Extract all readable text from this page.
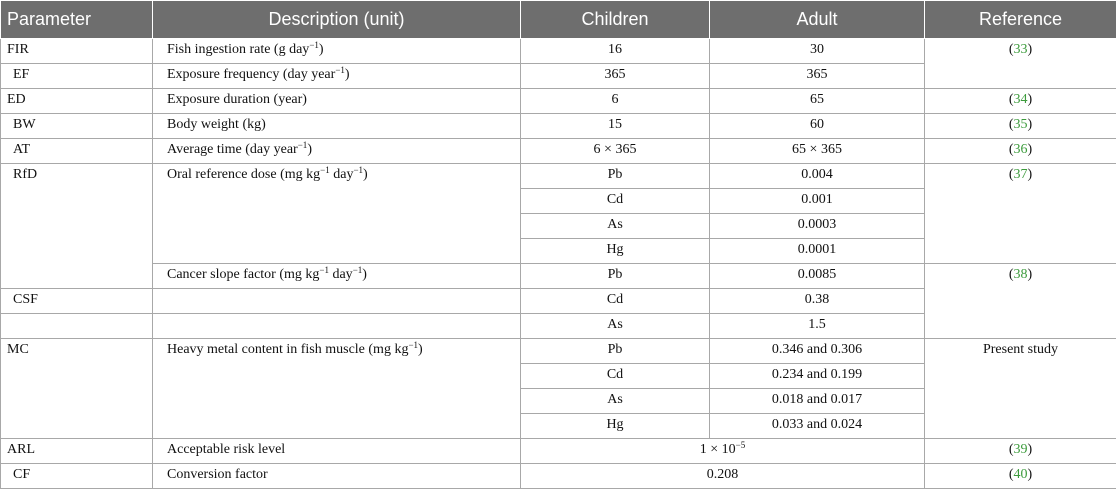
Parameter	Description (unit)	Children	Adult	Reference
FIR	Fish ingestion rate (g day$^{-1}$)	16	30	(33)
EF	Exposure frequency (day year$^{-1}$)	365	365	
ED	Exposure duration (year)	6	65	(34)
BW	Body weight (kg)	15	60	(35)
AT	Average time (day year$^{-1}$)	6 × 365	65 × 365	(36)
RfD	Oral reference dose (mg $kg^{-1}$ day$^{-1}$)	Pb	0.004	(37)
		Cd	0.001	
		As	0.0003	
		Hg	0.0001	
	Cancer slope factor (mg $kg^{-1}$ day$^{-1}$)	Pb	0.0085	(38)
CSF		Cd	0.38	
		As	1.5	
MC	Heavy metal content in fish muscle (mg $kg^{-1}$)	Pb	0.346 and 0.306	Present study
		Cd	0.234 and 0.199	
		As	0.018 and 0.017	
		Hg	0.033 and 0.024	
ARL	Acceptable risk level	$1 \times 10^{-5}$		(39)
CF	Conversion factor	0.208		(40)
